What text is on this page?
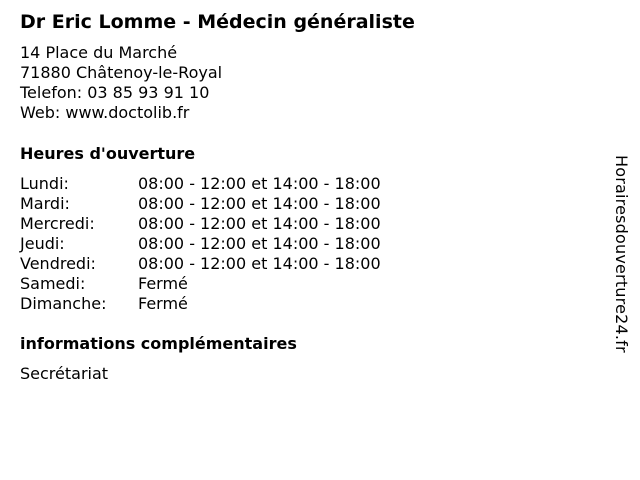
Dr Eric Lomme - Médecin généraliste
14 Place du Marché
71880 Châtenoy-le-Royal
Telefon: 03 85 93 91 10
Web: www.doctolib.fr
Heures d'ouverture
Lundi:	08:00 - 12:00 et 14:00 - 18:00
Mardi:	08:00 - 12:00 et 14:00 - 18:00
Mercredi:	08:00 - 12:00 et 14:00 - 18:00
Jeudi:	08:00 - 12:00 et 14:00 - 18:00
Vendredi:	08:00 - 12:00 et 14:00 - 18:00
Samedi:	Fermé
Dimanche: Fermé
informations complémentaires
Secrétariat
Horairesdouverture24.fr
